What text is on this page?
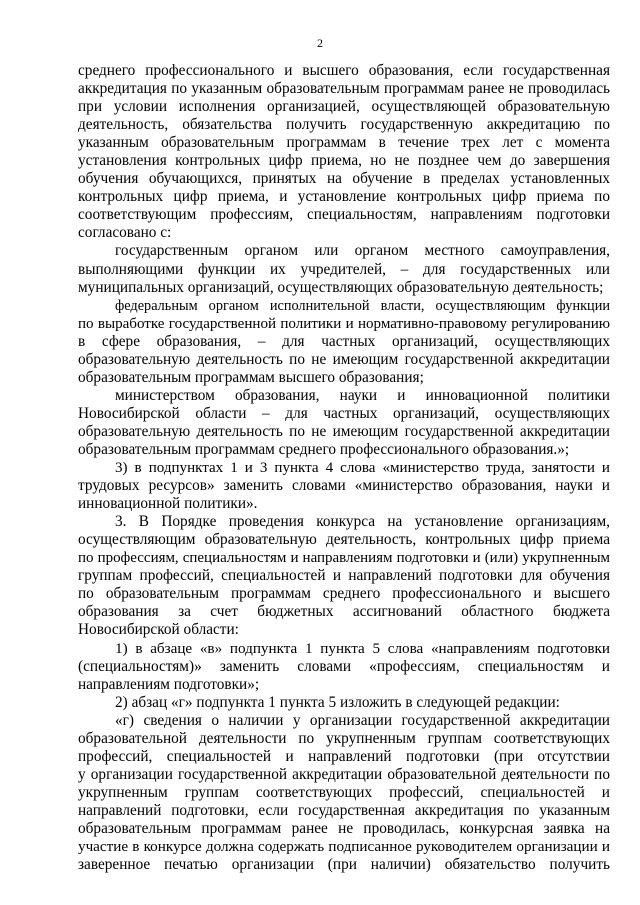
2
среднего профессионального и высшего образования, если государственная
аккредитация по указанным образовательным программам ранее не проводилась
при условии исполнения организацией, осуществляющей образовательную
деятельность, обязательства получить государственную аккредитацию по
указанным образовательным программам в течение трех лет с момента
установления контрольных цифр приема, но не позднее чем до завершения
обучения обучающихся, принятых на обучение в пределах установленных
контрольных цифр приема, и установление контрольных цифр приема по
соответствующим профессиям, специальностям, направлениям подготовки
согласовано с:
государственным органом или органом местного самоуправления,
выполняющими функции их учредителей, – для государственных или
муниципальных организаций, осуществляющих образовательную деятельность;
федеральным органом исполнительной власти, осуществляющим функции
по выработке государственной политики и нормативно-правовому регулированию
в сфере образования, – для частных организаций, осуществляющих
образовательную деятельность по не имеющим государственной аккредитации
образовательным программам высшего образования;
министерством образования, науки и инновационной политики
Новосибирской области – для частных организаций, осуществляющих
образовательную деятельность по не имеющим государственной аккредитации
образовательным программам среднего профессионального образования.»;
3) в подпунктах 1 и 3 пункта 4 слова «министерство труда, занятости и
трудовых ресурсов» заменить словами «министерство образования, науки и
инновационной политики».
3. В Порядке проведения конкурса на установление организациям,
осуществляющим образовательную деятельность, контрольных цифр приема
по профессиям, специальностям и направлениям подготовки и (или) укрупненным
группам профессий, специальностей и направлений подготовки для обучения
по образовательным программам среднего профессионального и высшего
образования за счет бюджетных ассигнований областного бюджета
Новосибирской области:
1) в абзаце «в» подпункта 1 пункта 5 слова «направлениям подготовки
(специальностям)» заменить словами «профессиям, специальностям и
направлениям подготовки»;
2) абзац «г» подпункта 1 пункта 5 изложить в следующей редакции:
«г) сведения о наличии у организации государственной аккредитации
образовательной деятельности по укрупненным группам соответствующих
профессий, специальностей и направлений подготовки (при отсутствии
у организации государственной аккредитации образовательной деятельности по
укрупненным группам соответствующих профессий, специальностей и
направлений подготовки, если государственная аккредитация по указанным
образовательным программам ранее не проводилась, конкурсная заявка на
участие в конкурсе должна содержать подписанное руководителем организации и
заверенное печатью организации (при наличии) обязательство получить
